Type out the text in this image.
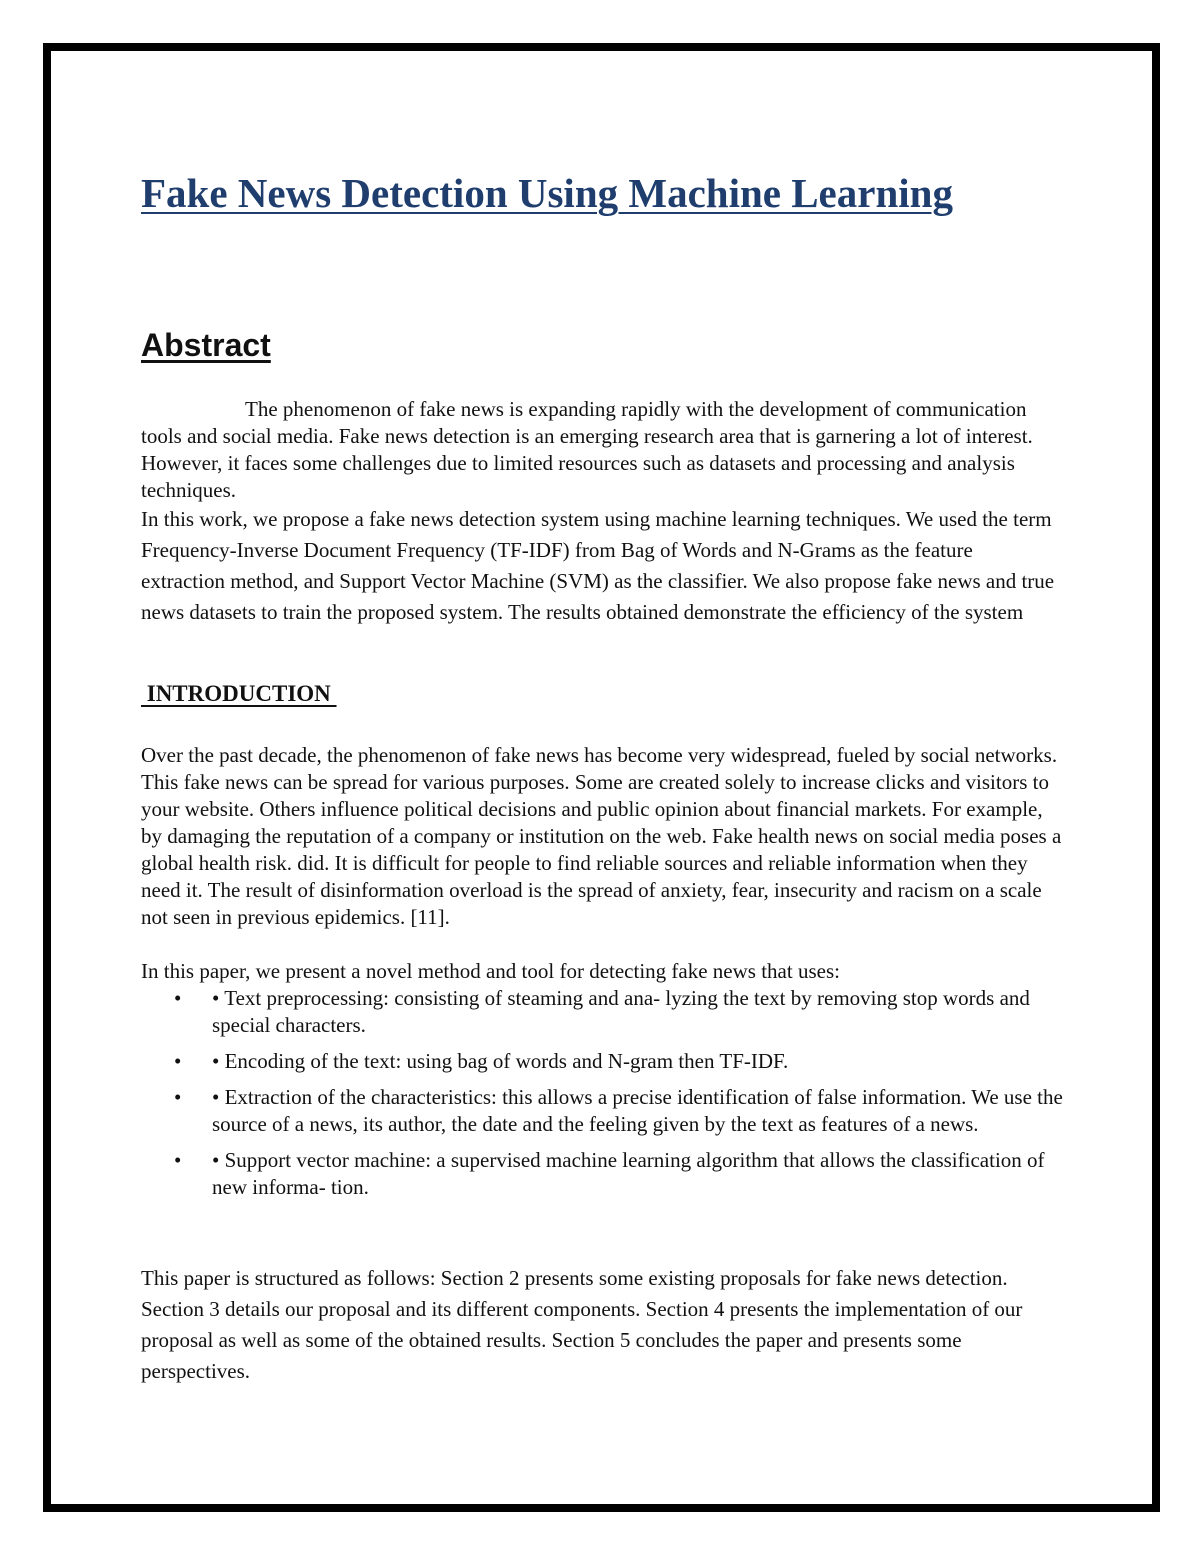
Fake News Detection Using Machine Learning
Abstract

The phenomenon of fake news is expanding rapidly with the development of communication tools and social media. Fake news detection is an emerging research area that is garnering a lot of interest. However, it faces some challenges due to limited resources such as datasets and processing and analysis techniques.

In this work, we propose a fake news detection system using machine learning techniques. We used the term Frequency-Inverse Document Frequency (TF-IDF) from Bag of Words and N-Grams as the feature extraction method, and Support Vector Machine (SVM) as the classifier. We also propose fake news and true news datasets to train the proposed system. The results obtained demonstrate the efficiency of the system

INTRODUCTION

Over the past decade, the phenomenon of fake news has become very widespread, fueled by social networks. This fake news can be spread for various purposes. Some are created solely to increase clicks and visitors to your website. Others influence political decisions and public opinion about financial markets. For example, by damaging the reputation of a company or institution on the web. Fake health news on social media poses a global health risk. did. It is difficult for people to find reliable sources and reliable information when they need it. The result of disinformation overload is the spread of anxiety, fear, insecurity and racism on a scale not seen in previous epidemics. [11].

In this paper, we present a novel method and tool for detecting fake news that uses:

• • Text preprocessing: consisting of steaming and ana- lyzing the text by removing stop words and special characters.
• • Encoding of the text: using bag of words and N-gram then TF-IDF.
• • Extraction of the characteristics: this allows a precise identification of false information. We use the source of a news, its author, the date and the feeling given by the text as features of a news.
• • Support vector machine: a supervised machine learning algorithm that allows the classification of new informa- tion.

This paper is structured as follows: Section 2 presents some existing proposals for fake news detection. Section 3 details our proposal and its different components. Section 4 presents the implementation of our proposal as well as some of the obtained results. Section 5 concludes the paper and presents some perspectives.
